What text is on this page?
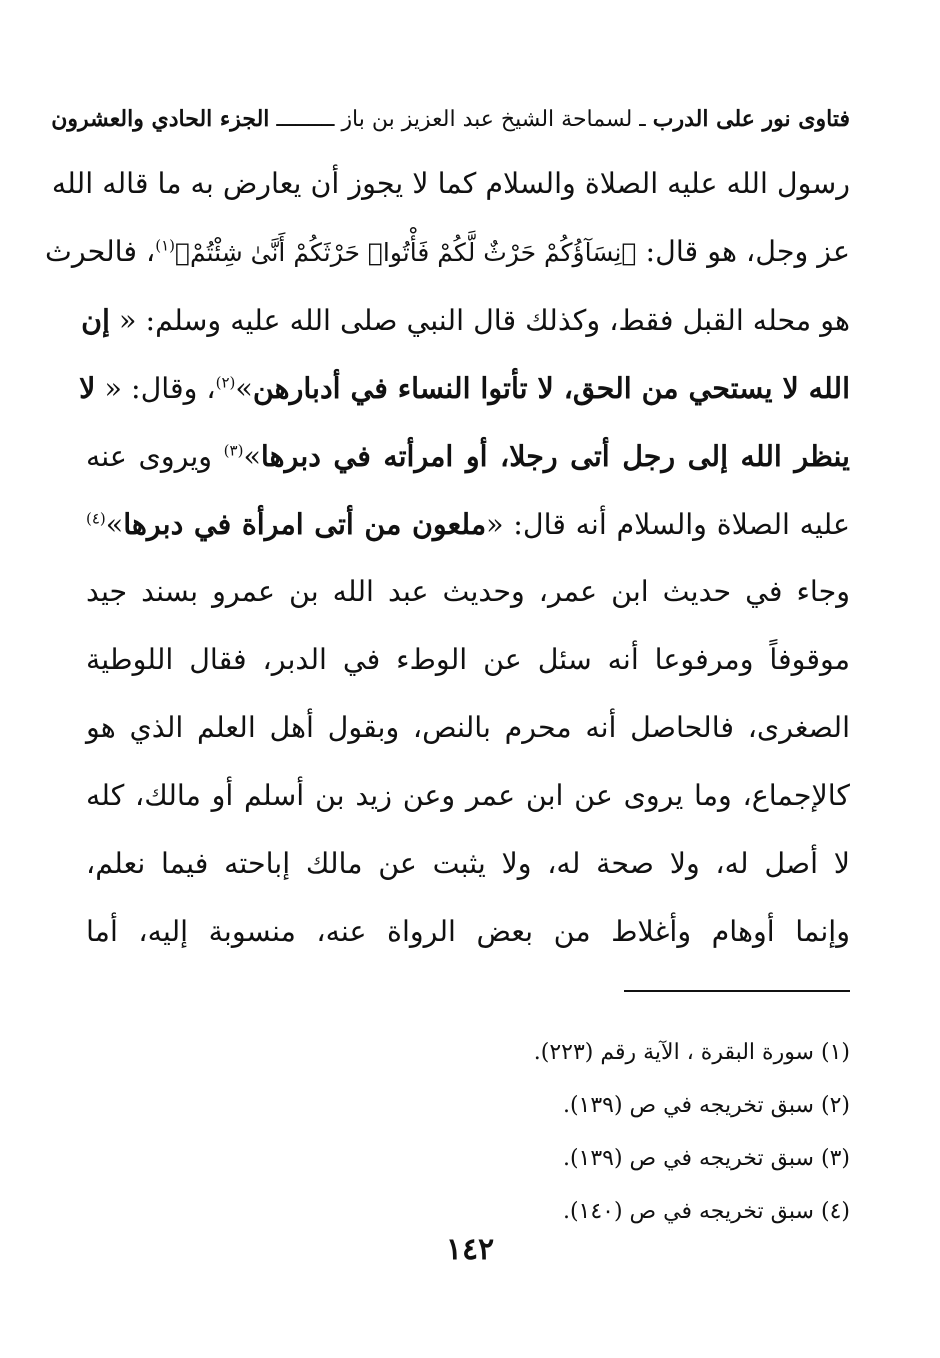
فتاوى نور على الدرب ـ لسماحة الشيخ عبد العزيز بن باز ـــــــــ الجزء الحادي والعشرون
رسول الله عليه الصلاة والسلام كما لا يجوز أن يعارض به ما قاله الله
عز وجل، هو قال: ﴿نِسَآؤُكُمْ حَرْثٌ لَّكُمْ فَأْتُوا۟ حَرْثَكُمْ أَنَّىٰ شِئْتُمْ﴾$^{(١)}$، فالحرث
هو محله القبل فقط، وكذلك قال النبي صلى الله عليه وسلم: « إن
الله لا يستحي من الحق، لا تأتوا النساء في أدبارهن»$^{(٢)}$، وقال: « لا
ينظر الله إلى رجل أتى رجلا، أو امرأته في دبرها»$^{(٣)}$ ويروى عنه
عليه الصلاة والسلام أنه قال: «ملعون من أتى امرأة في دبرها»$^{(٤)}$
وجاء في حديث ابن عمر، وحديث عبد الله بن عمرو بسند جيد
موقوفاً ومرفوعا أنه سئل عن الوطء في الدبر، فقال اللوطية
الصغرى، فالحاصل أنه محرم بالنص، وبقول أهل العلم الذي هو
كالإجماع، وما يروى عن ابن عمر وعن زيد بن أسلم أو مالك، كله
لا أصل له، ولا صحة له، ولا يثبت عن مالك إباحته فيما نعلم،
وإنما أوهام وأغلاط من بعض الرواة عنه، منسوبة إليه، أما
(١) سورة البقرة ، الآية رقم (٢٢٣).
(٢) سبق تخريجه في ص (١٣٩).
(٣) سبق تخريجه في ص (١٣٩).
(٤) سبق تخريجه في ص (١٤٠).
١٤٢
